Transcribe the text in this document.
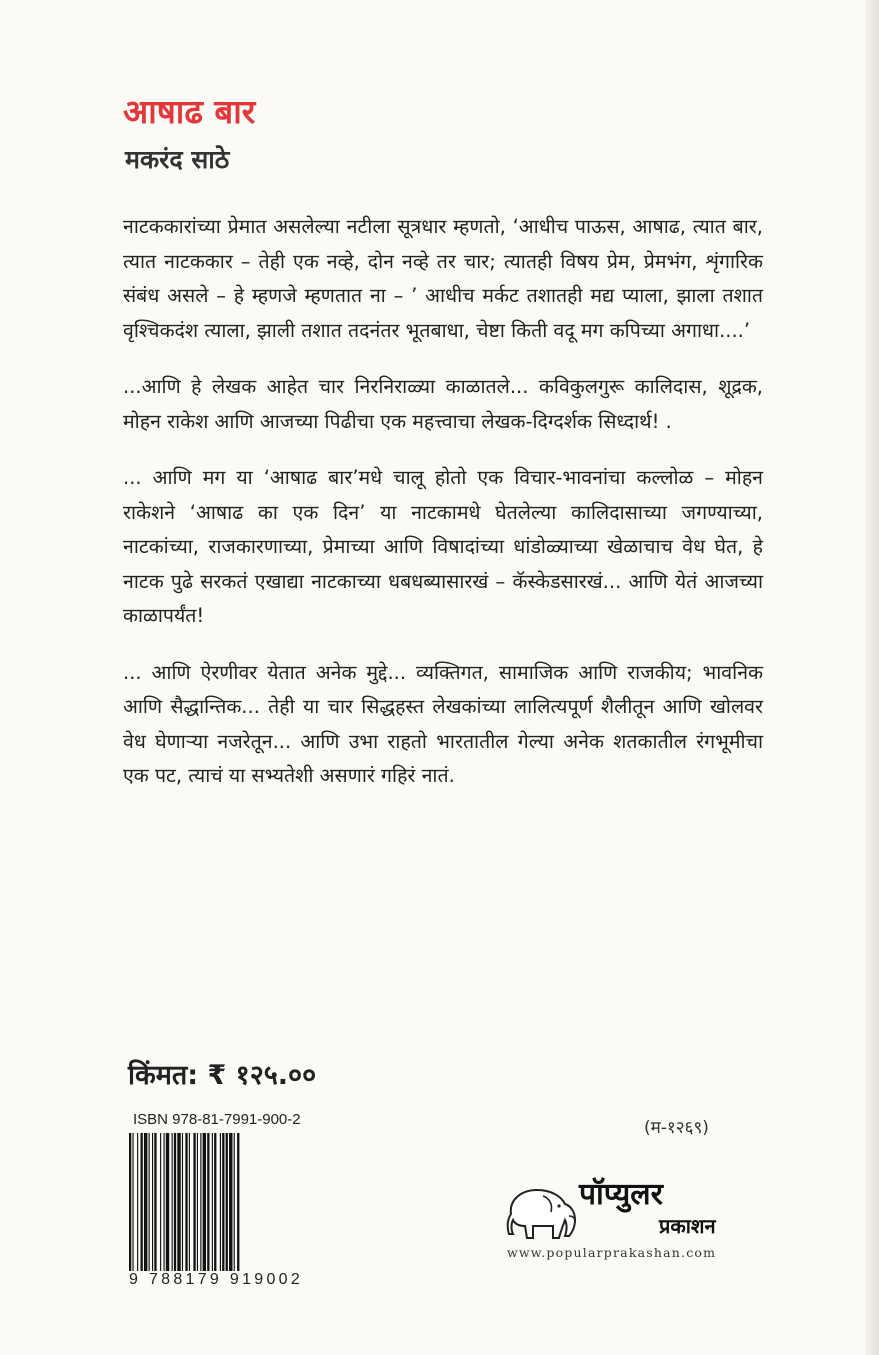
आषाढ बार
मकरंद साठे

नाटककारांच्या प्रेमात असलेल्या नटीला सूत्रधार म्हणतो, ‘आधीच पाऊस, आषाढ, त्यात बार, त्यात नाटककार – तेही एक नव्हे, दोन नव्हे तर चार; त्यातही विषय प्रेम, प्रेमभंग, शृंगारिक संबंध असले – हे म्हणजे म्हणतात ना – ’ आधीच मर्कट तशातही मद्य प्याला, झाला तशात वृश्चिकदंश त्याला, झाली तशात तदनंतर भूतबाधा, चेष्टा किती वदू मग कपिच्या अगाधा....’

...आणि हे लेखक आहेत चार निरनिराळ्या काळातले... कविकुलगुरू कालिदास, शूद्रक, मोहन राकेश आणि आजच्या पिढीचा एक महत्त्वाचा लेखक-दिग्दर्शक सिध्दार्थ! .

... आणि मग या ‘आषाढ बार’मधे चालू होतो एक विचार-भावनांचा कल्लोळ – मोहन राकेशने ‘आषाढ का एक दिन’ या नाटकामधे घेतलेल्या कालिदासाच्या जगण्याच्या, नाटकांच्या, राजकारणाच्या, प्रेमाच्या आणि विषादांच्या धांडोळ्याच्या खेळाचाच वेध घेत, हे नाटक पुढे सरकतं एखाद्या नाटकाच्या धबधब्यासारखं – कॅस्केडसारखं... आणि येतं आजच्या काळापर्यंत!

... आणि ऐरणीवर येतात अनेक मुद्दे... व्यक्तिगत, सामाजिक आणि राजकीय; भावनिक आणि सैद्धान्तिक... तेही या चार सिद्धहस्त लेखकांच्या लालित्यपूर्ण शैलीतून आणि खोलवर वेध घेणाऱ्या नजरेतून... आणि उभा राहतो भारतातील गेल्या अनेक शतकातील रंगभूमीचा एक पट, त्याचं या सभ्यतेशी असणारं गहिरं नातं.

किंमत: ₹ १२५.००
ISBN 978-81-7991-900-2
9 788179 919002
(म-१२६९)
पॉप्युलर
प्रकाशन
www.popularprakashan.com
